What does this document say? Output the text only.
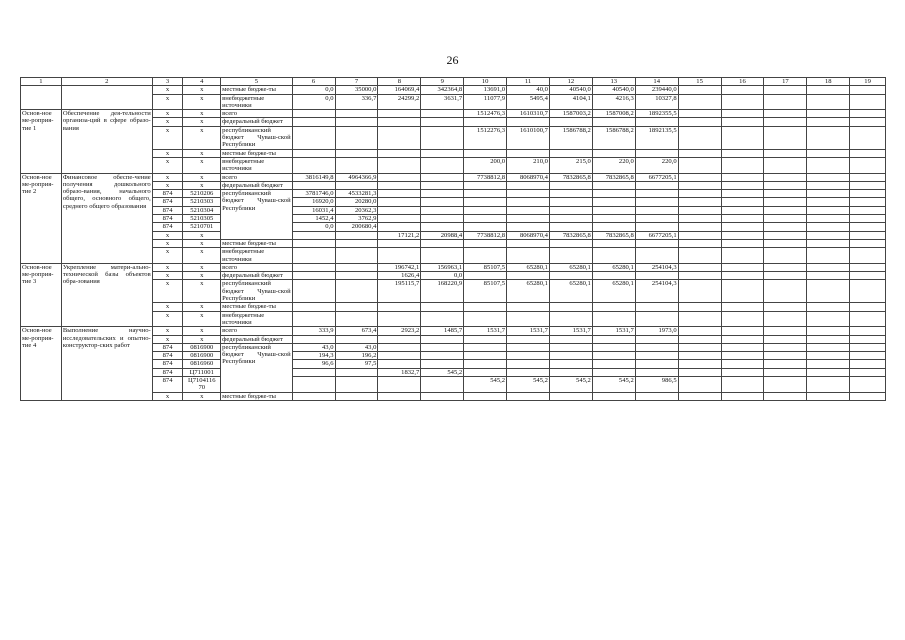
26
1	2	3	4	5	6	7	8	9	10	11	12	13	14	15	16	17	18	19
		х	х	местные бюдже-ты	0,0	35000,0	164069,4	342364,8	13691,0	40,0	40540,0	40540,0	239440,0					
		х	х	внебюджетные источники	0,0	336,7	24299,2	3631,7	11077,9	5495,4	4104,1	4216,3	10327,8					
Основ-ное ме-роприя-тие 1	Обеспечение дея-тельности организа-ций в сфере образо-вания	х	х	всего					1512476,3	1610310,7	1587003,2	1587008,2	1892355,5					
		х	х	федеральный бюджет														
		х	х	республиканский бюджет Чуваш-ской Республики					1512276,3	1610100,7	1586788,2	1586788,2	1892135,5					
		х	х	местные бюдже-ты														
		х	х	внебюджетные источники					200,0	210,0	215,0	220,0	220,0					
Основ-ное ме-роприя-тие 2	Финансовое обеспе-чение получения дошкольного образо-вания, начального общего, основного общего, среднего общего образования	х	х	всего	3816149,8	4964366,9			7738812,8	8068970,4	7832865,8	7832865,8	6677205,1					
		х	х	федеральный бюджет														
		874	5210206	республиканский бюджет Чуваш-ской Республики	3781746,0	4533281,3												
		874	5210303		16920,0	20280,0												
		874	5210304		16031,4	20362,3												
		874	5210305		1452,4	3762,9												
		874	5210701		0,0	200680,4												
		х	х				17121,2	20988,4	7738812,8	8068970,4	7832865,8	7832865,8	6677205,1					
		х	х	местные бюдже-ты														
		х	х	внебюджетные источники														
Основ-ное ме-роприя-тие 3	Укрепление матери-ально-технической базы объектов обра-зования	х	х	всего			196742,1	156963,1	85107,5	65280,1	65280,1	65280,1	254104,3					
		х	х	федеральный бюджет			1626,4	0,0										
		х	х	республиканский бюджет Чуваш-ской Республики			195115,7	168220,9	85107,5	65280,1	65280,1	65280,1	254104,3					
		х	х	местные бюдже-ты														
		х	х	внебюджетные источники														
Основ-ное ме-роприя-тие 4	Выполнение научно-исследовательских и опытно-конструктор-ских работ	х	х	всего	333,9	673,4	2923,2	1485,7	1531,7	1531,7	1531,7	1531,7	1973,0					
		х	х	федеральный бюджет														
		874	0816900	республиканский бюджет Чуваш-ской Республики	43,0	43,0												
		874	0816900		194,3	196,2												
		874	0816960		96,6	97,5												
		874	Ц711001				1832,7	545,2										
		874	Ц7104116 70						545,2	545,2	545,2	545,2	986,5					
		х	х	местные бюдже-ты														
